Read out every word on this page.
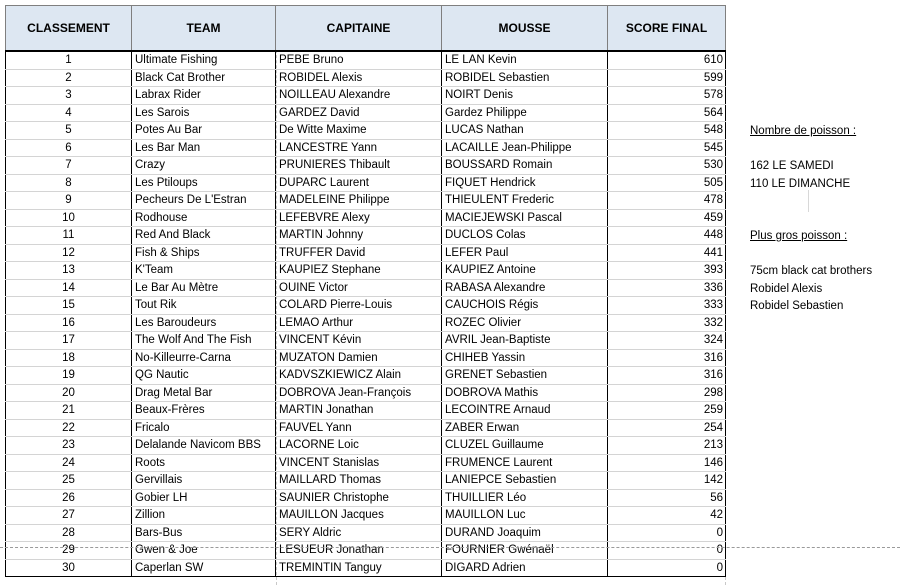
CLASSEMENT	TEAM	CAPITAINE	MOUSSE	SCORE FINAL
1	Ultimate Fishing	PEBE Bruno	LE LAN Kevin	610
2	Black Cat Brother	ROBIDEL Alexis	ROBIDEL Sebastien	599
3	Labrax Rider	NOILLEAU Alexandre	NOIRT Denis	578
4	Les Sarois	GARDEZ David	Gardez Philippe	564
5	Potes Au Bar	De Witte Maxime	LUCAS Nathan	548
6	Les Bar Man	LANCESTRE Yann	LACAILLE Jean-Philippe	545
7	Crazy	PRUNIERES Thibault	BOUSSARD Romain	530
8	Les Ptiloups	DUPARC Laurent	FIQUET Hendrick	505
9	Pecheurs De L'Estran	MADELEINE Philippe	THIEULENT Frederic	478
10	Rodhouse	LEFEBVRE Alexy	MACIEJEWSKI Pascal	459
11	Red And Black	MARTIN Johnny	DUCLOS Colas	448
12	Fish & Ships	TRUFFER David	LEFER Paul	441
13	K'Team	KAUPIEZ Stephane	KAUPIEZ Antoine	393
14	Le Bar Au Mètre	OUINE Victor	RABASA Alexandre	336
15	Tout Rik	COLARD Pierre-Louis	CAUCHOIS Régis	333
16	Les Baroudeurs	LEMAO Arthur	ROZEC Olivier	332
17	The Wolf And The Fish	VINCENT Kévin	AVRIL Jean-Baptiste	324
18	No-Killeurre-Carna	MUZATON Damien	CHIHEB Yassin	316
19	QG Nautic	KADVSZKIEWICZ Alain	GRENET Sebastien	316
20	Drag Metal Bar	DOBROVA Jean-François	DOBROVA Mathis	298
21	Beaux-Frères	MARTIN Jonathan	LECOINTRE Arnaud	259
22	Fricalo	FAUVEL Yann	ZABER Erwan	254
23	Delalande Navicom BBS	LACORNE Loic	CLUZEL Guillaume	213
24	Roots	VINCENT Stanislas	FRUMENCE Laurent	146
25	Gervillais	MAILLARD Thomas	LANIEPCE Sebastien	142
26	Gobier LH	SAUNIER Christophe	THUILLIER Léo	56
27	Zillion	MAUILLON Jacques	MAUILLON Luc	42
28	Bars-Bus	SERY Aldric	DURAND Joaquim	0
29	Gwen & Joe	LESUEUR Jonathan	FOURNIER Gwénaël	0
30	Caperlan SW	TREMINTIN Tanguy	DIGARD Adrien	0
Nombre de poisson :
162 LE SAMEDI
110 LE DIMANCHE
Plus gros poisson :
75cm black cat brothers
Robidel Alexis
Robidel Sebastien
